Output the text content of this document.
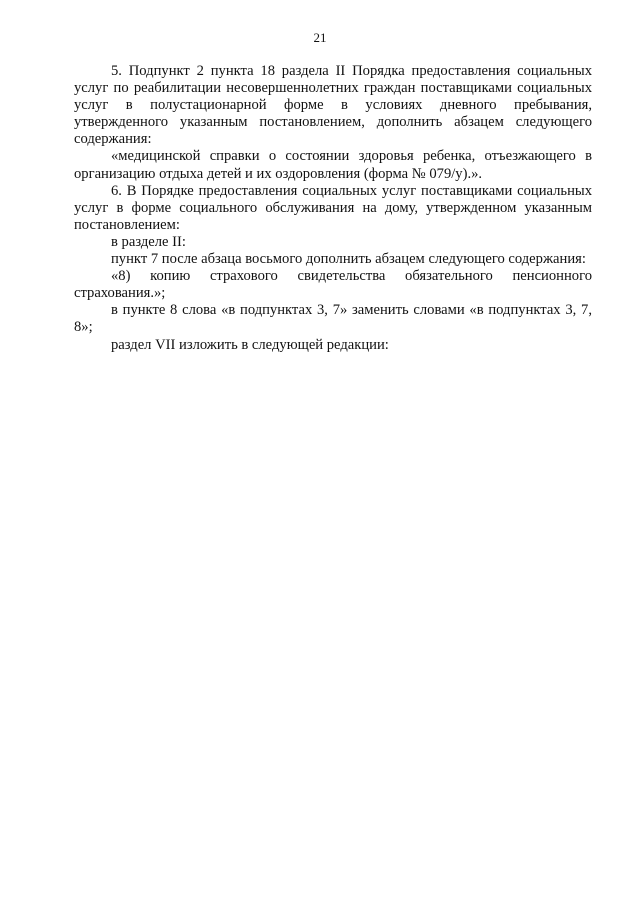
21

5. Подпункт 2 пункта 18 раздела II Порядка предоставления социальных услуг по реабилитации несовершеннолетних граждан поставщиками социальных услуг в полустационарной форме в условиях дневного пребывания, утвержденного указанным постановлением, дополнить абзацем следующего содержания:

«медицинской справки о состоянии здоровья ребенка, отъезжающего в организацию отдыха детей и их оздоровления (форма № 079/у).».

6. В Порядке предоставления социальных услуг поставщиками социальных услуг в форме социального обслуживания на дому, утвержденном указанным постановлением:

в разделе II:

пункт 7 после абзаца восьмого дополнить абзацем следующего содержания:

«8) копию страхового свидетельства обязательного пенсионного страхования.»;

в пункте 8 слова «в подпунктах 3, 7» заменить словами «в подпунктах 3, 7, 8»;

раздел VII изложить в следующей редакции:
